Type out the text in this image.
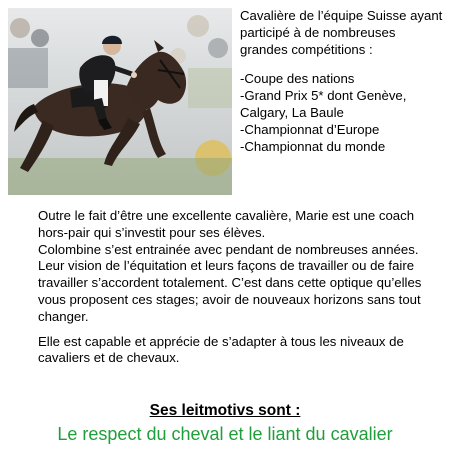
Cavalière de l’équipe Suisse ayant participé à de nombreuses grandes compétitions :

- Coupe des nations
- Grand Prix 5* dont Genève, Calgary, La Baule
- Championnat d’Europe
- Championnat du monde

Outre le fait d’être une excellente cavalière, Marie est une coach hors-pair qui s’investit pour ses élèves.

Colombine s’est entrainée avec pendant de nombreuses années.

Leur vision de l’équitation et leurs façons de travailler ou de faire travailler s’accordent totalement. C’est dans cette optique qu’elles vous proposent ces stages; avoir de nouveaux horizons sans tout changer.

Elle est capable et apprécie de s’adapter à tous les niveaux de cavaliers et de chevaux.

Ses leitmotivs sont :
Le respect du cheval et le liant du cavalier
